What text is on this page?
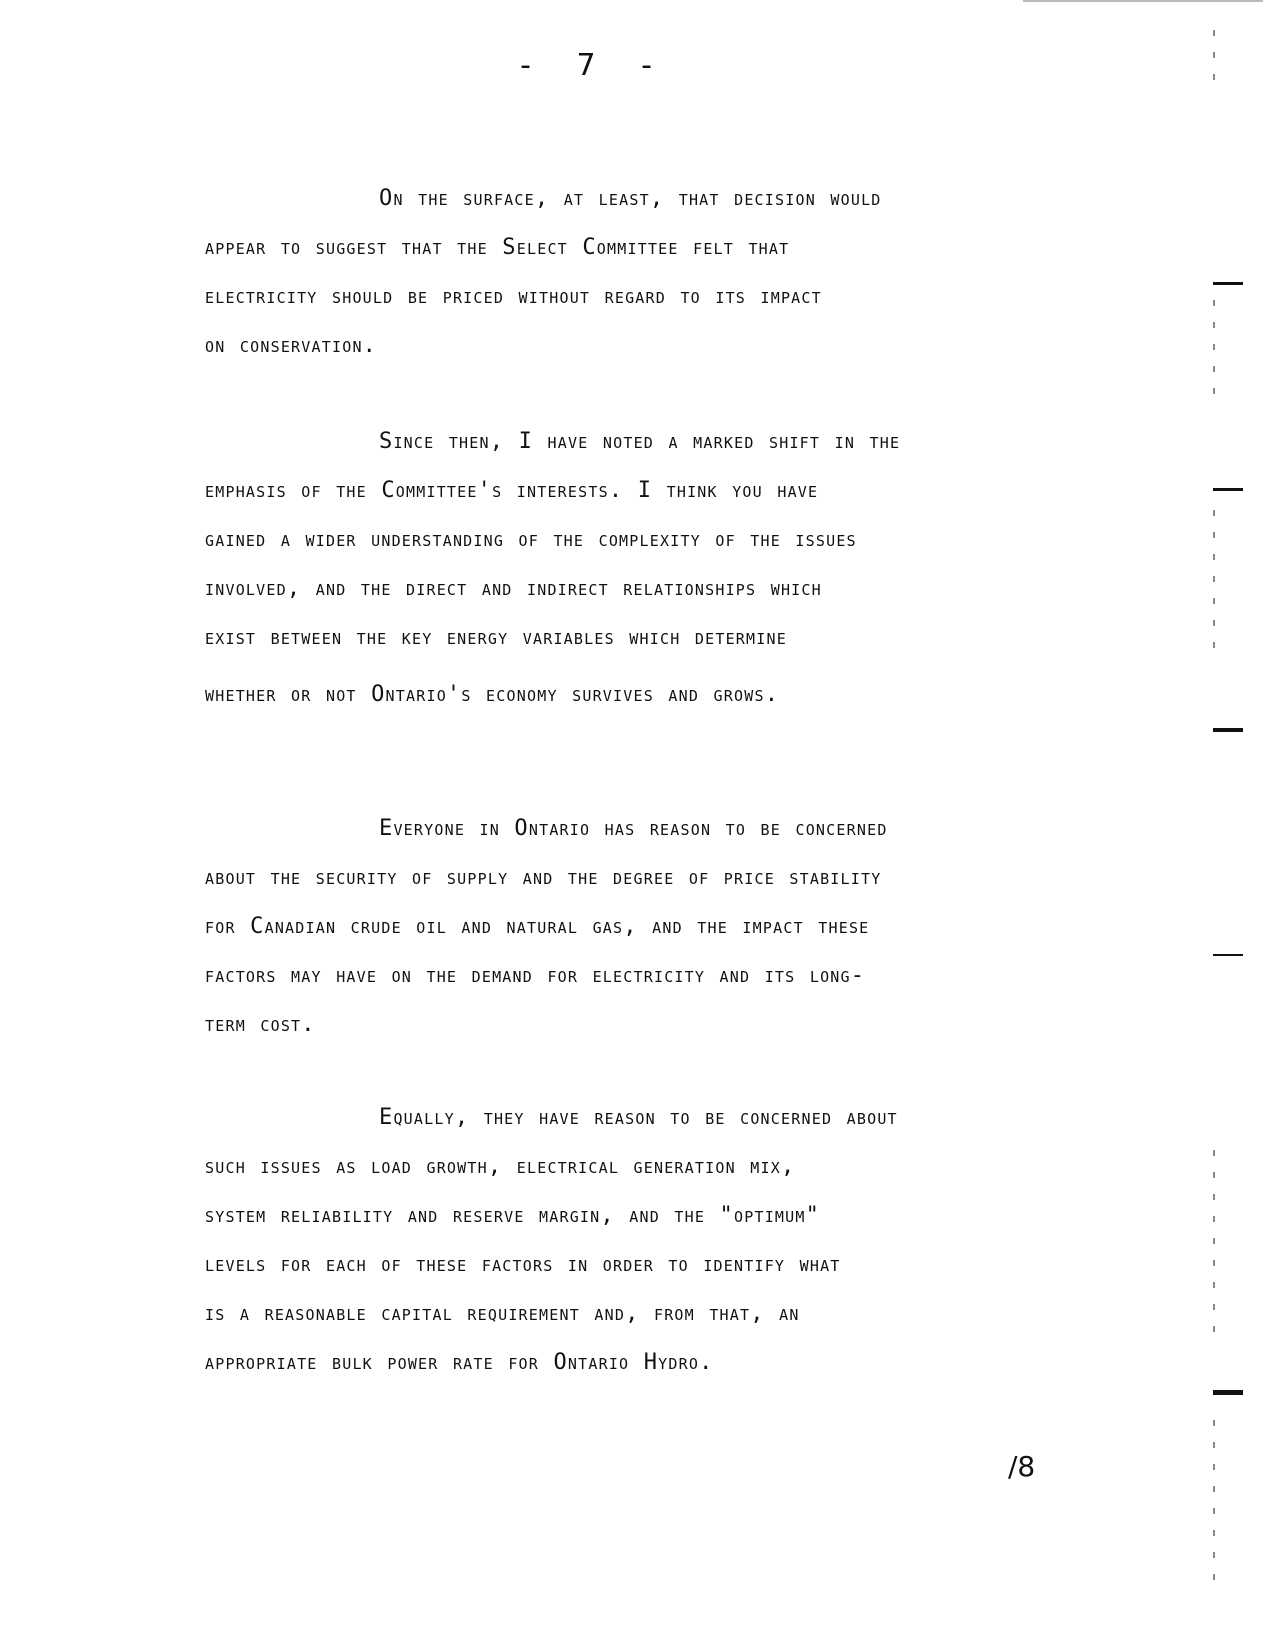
- 7 -
On the surface, at least, that decision would
appear to suggest that the Select Committee felt that
electricity should be priced without regard to its impact
on conservation.
Since then, I have noted a marked shift in the
emphasis of the Committee's interests. I think you have
gained a wider understanding of the complexity of the issues
involved, and the direct and indirect relationships which
exist between the key energy variables which determine
whether or not Ontario's economy survives and grows.
Everyone in Ontario has reason to be concerned
about the security of supply and the degree of price stability
for Canadian crude oil and natural gas, and the impact these
factors may have on the demand for electricity and its long-
term cost.
Equally, they have reason to be concerned about
such issues as load growth, electrical generation mix,
system reliability and reserve margin, and the "optimum"
levels for each of these factors in order to identify what
is a reasonable capital requirement and, from that, an
appropriate bulk power rate for Ontario Hydro.
/8
